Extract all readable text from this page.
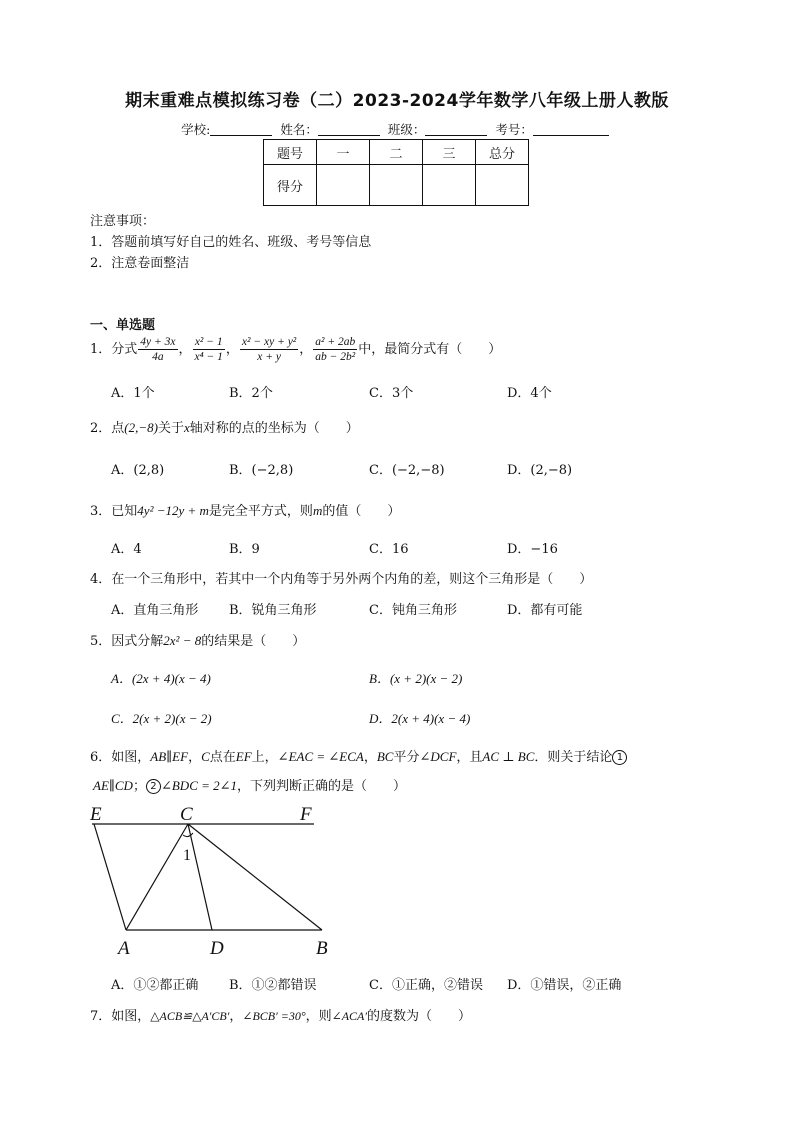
期末重难点模拟练习卷（二）2023-2024学年数学八年级上册人教版
学校:	姓名：	班级：	考号：
题号	一	二	三	总分
得分				
注意事项：
1．答题前填写好自己的姓名、班级、考号等信息
2．注意卷面整洁
一、单选题
1．分式 $\frac{4y + 3x}{4a}$ ， $\frac{\text{x² − 1}}{\text{x⁴ − 1}}$ ， $\frac{\text{x² − xy + y²}}{x + y}$ ， $\frac{\text{a² + 2ab}}{\text{ab − 2b²}}$ 中，最简分式有（　　）
A．1个	B．2个	C．3个	D．4个
2．点(2,−8)关于x轴对称的点的坐标为（　　）
A．(2,8)	B．(−2,8)	C．(−2,−8)	D．(2,−8)
3．已知4y² −12y + m是完全平方式，则m的值（　　）
A．4	B．9	C．16	D．−16
4．在一个三角形中，若其中一个内角等于另外两个内角的差，则这个三角形是（　　）
A．直角三角形 B．锐角三角形	C．钝角三角形	D．都有可能
5．因式分解2x² − 8的结果是（　　）
A．(2x + 4)(x − 4)	B．(x + 2)(x − 2)
C．2(x + 2)(x − 2)	D．2(x + 4)(x − 4)
6．如图，AB∥EF，C点在EF上，∠EAC = ∠ECA，BC平分∠DCF，且AC ⊥ BC．则关于结论 1
AE∥CD； 2 ∠BDC = 2∠1，下列判断正确的是（　　）
E	C	F
A	D	B
1
A．①②都正确 B．①②都错误	C．①正确，②错误 D．①错误，②正确
7．如图，△ACB≌△A′CB′，∠BCB′ =30°，则∠ACA′的度数为（　　）
